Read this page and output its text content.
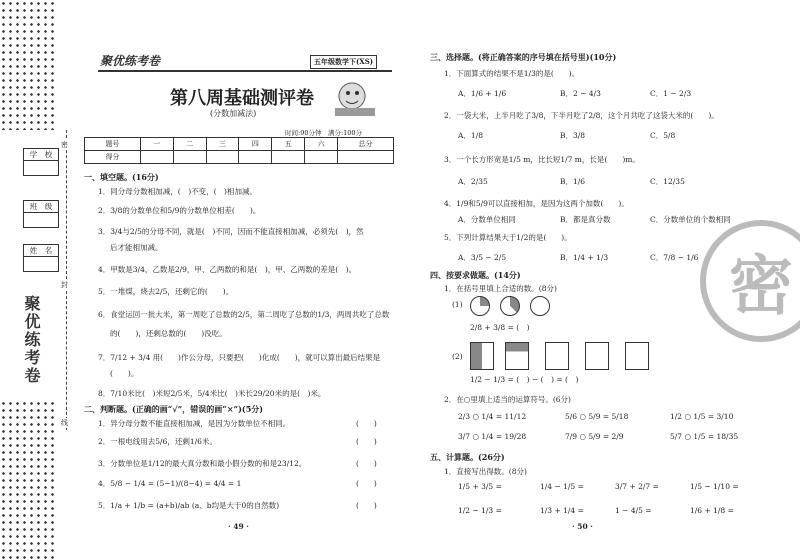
学　校
班　级
姓　名
密
封
线
聚优练考卷
聚优练考卷	五年级数学下(XS)
第八周基础测评卷
(分数加减法)
时间:90分钟　满分:100分
题号	一	二	三	四	五	六	总分
得分							
一、填空题。(16分)
1．同分母分数相加减，(　)不变，(　)相加减。
2．3/8的分数单位和5/9的分数单位相差(　　)。
3．3/4与2/5的分母不同，就是(　)不同，因而不能直接相加减，必须先(　)，然
后才能相加减。
4．甲数是3/4，乙数是2/9，甲、乙两数的和是(　)，甲、乙两数的差是(　)。
5．一堆煤，烧去2/5，还剩它的(　　)。
6．食堂运回一批大米，第一周吃了总数的2/5，第二周吃了总数的1/3，两周共吃了总数
的(　　)，还剩总数的(　　)没吃。
7．7/12 + 3/4 用(　　)作公分母，只要把(　　)化成(　　)，就可以算出最后结果是
(　　)。
8．7/10米比(　)米短2/5米，5/4米比(　)米长29/20米的是(　)米。
二、判断题。(正确的画“√”，错误的画“×”)(5分)
1．异分母分数不能直接相加减，是因为分数单位不相同。
2．一根电线用去5/6，还剩1/6米。
3．分数单位是1/12的最大真分数和最小假分数的和是23/12。
4．5/8 − 1/4 = (5−1)/(8−4) = 4/4 = 1
5．1/a + 1/b = (a+b)/ab (a、b均是大于0的自然数)
(　　)
(　　)
(　　)
(　　)
(　　)
· 49 ·
三、选择题。(将正确答案的序号填在括号里)(10分)
1．下面算式的结果不是1/3的是(　　)。
A．1/6 + 1/6	B．2 − 4/3	C．1 − 2/3
2．一袋大米，上半月吃了3/8，下半月吃了2/8，这个月共吃了这袋大米的(　　)。
A．1/8	B．3/8	C．5/8
3．一个长方形宽是1/5 m，比长短1/7 m，长是(　　)m。
A．2/35	B．1/6	C．12/35
4．1/9和5/9可以直接相加，是因为这两个加数(　　)。
A．分数单位相同	B．都是真分数	C．分数单位的个数相同
5．下列计算结果大于1/2的是(　　)。
A．3/5 − 2/5	B．1/4 + 1/3	C．7/8 − 1/6
四、按要求做题。(14分)
1．在括号里填上合适的数。(8分)
(1)
2/8 + 3/8 = (　)
(2)
1/2 − 1/3 = (　) − (　) = (　)
2．在○里填上适当的运算符号。(6分)
2/3 ○ 1/4 = 11/12	5/6 ○ 5/9 = 5/18	1/2 ○ 1/5 = 3/10
3/7 ○ 1/4 = 19/28	7/9 ○ 5/9 = 2/9	5/7 ○ 1/5 = 18/35
五、计算题。(26分)
1．直接写出得数。(8分)
1/5 + 3/5 =	1/4 − 1/5 =	3/7 + 2/7 =	1/5 − 1/10 =
1/2 − 1/3 =	1/3 + 1/4 =	1 − 4/5 =	1/6 + 1/8 =
· 50 ·
密
